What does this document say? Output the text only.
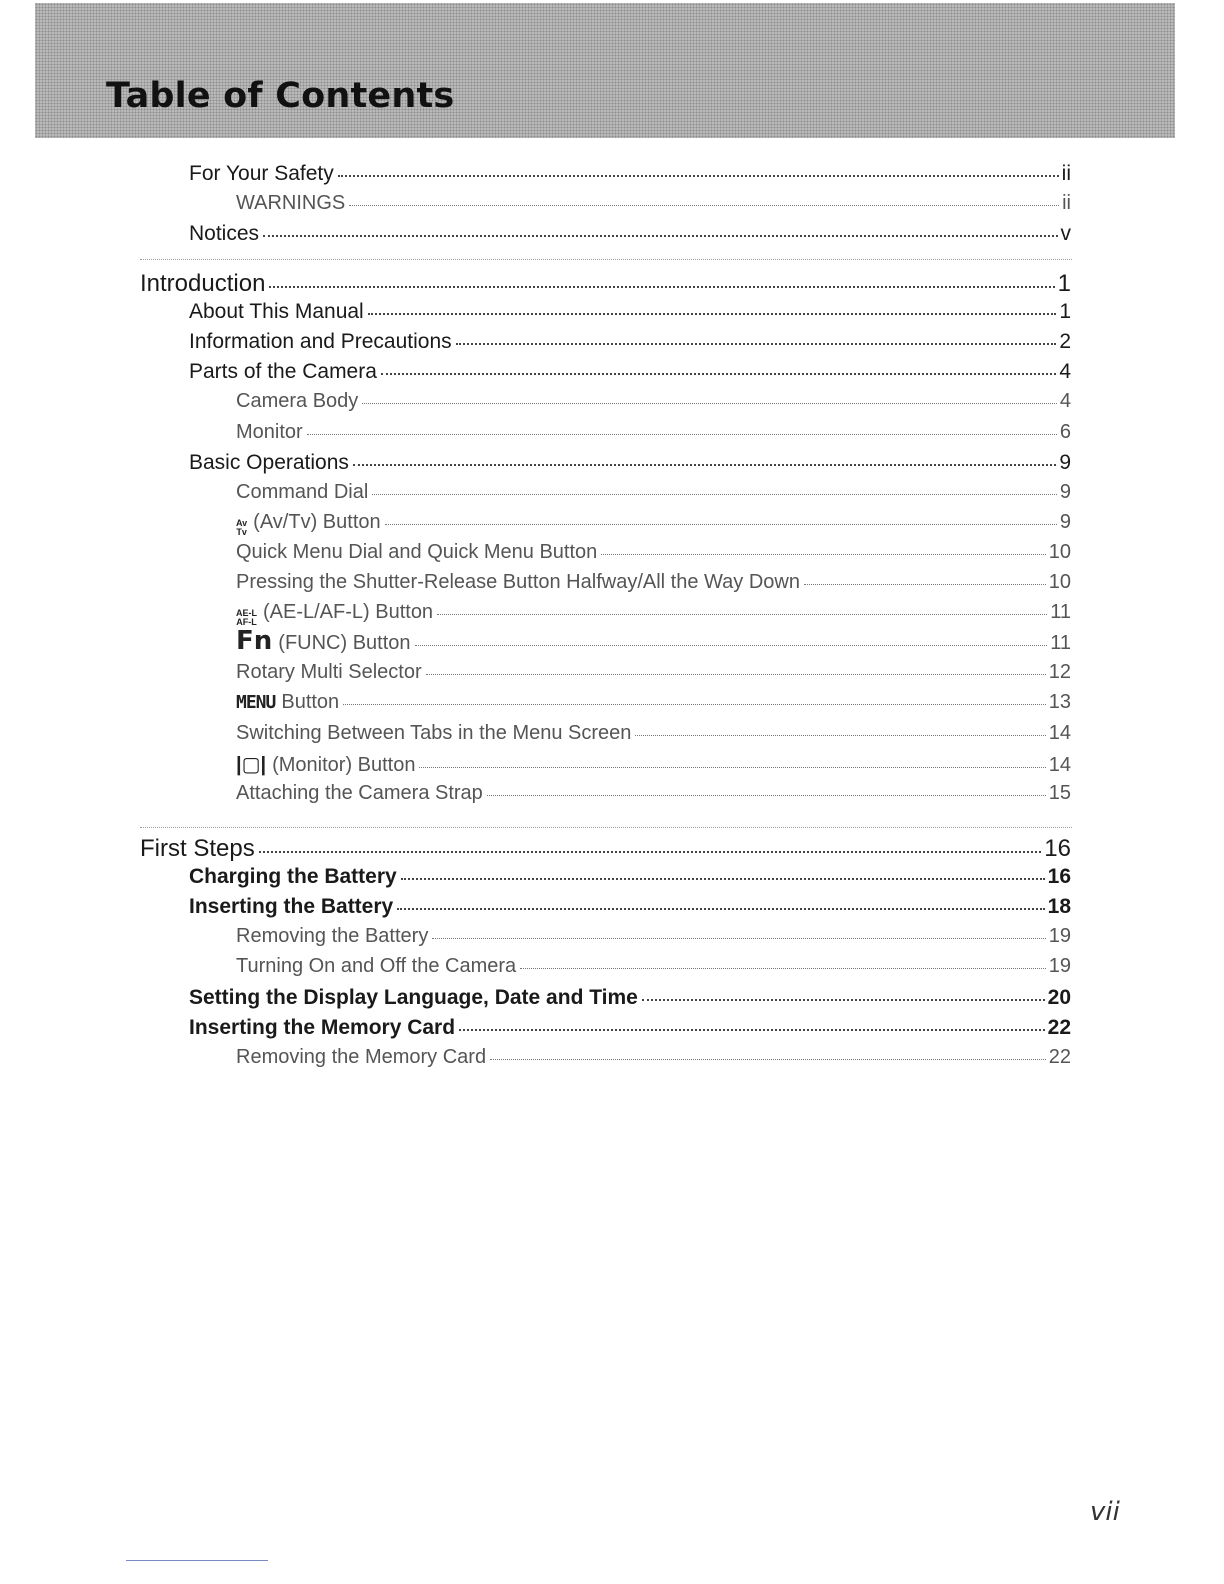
Table of Contents
For Your Safety	ii
WARNINGS	ii
Notices	v
Introduction	1
About This Manual	1
Information and Precautions	2
Parts of the Camera	4
Camera Body	4
Monitor	6
Basic Operations	9
Command Dial	9
Av
Tv (Av/Tv) Button	9
Quick Menu Dial and Quick Menu Button	10
Pressing the Shutter-Release Button Halfway/All the Way Down	10
AE-L
AF-L (AE-L/AF-L) Button	11
Fn (FUNC) Button	11
Rotary Multi Selector	12
MENU Button	13
Switching Between Tabs in the Menu Screen	14
|▢| (Monitor) Button	14
Attaching the Camera Strap	15
First Steps	16
Charging the Battery	16
Inserting the Battery	18
Removing the Battery	19
Turning On and Off the Camera	19
Setting the Display Language, Date and Time	20
Inserting the Memory Card	22
Removing the Memory Card	22
vii
